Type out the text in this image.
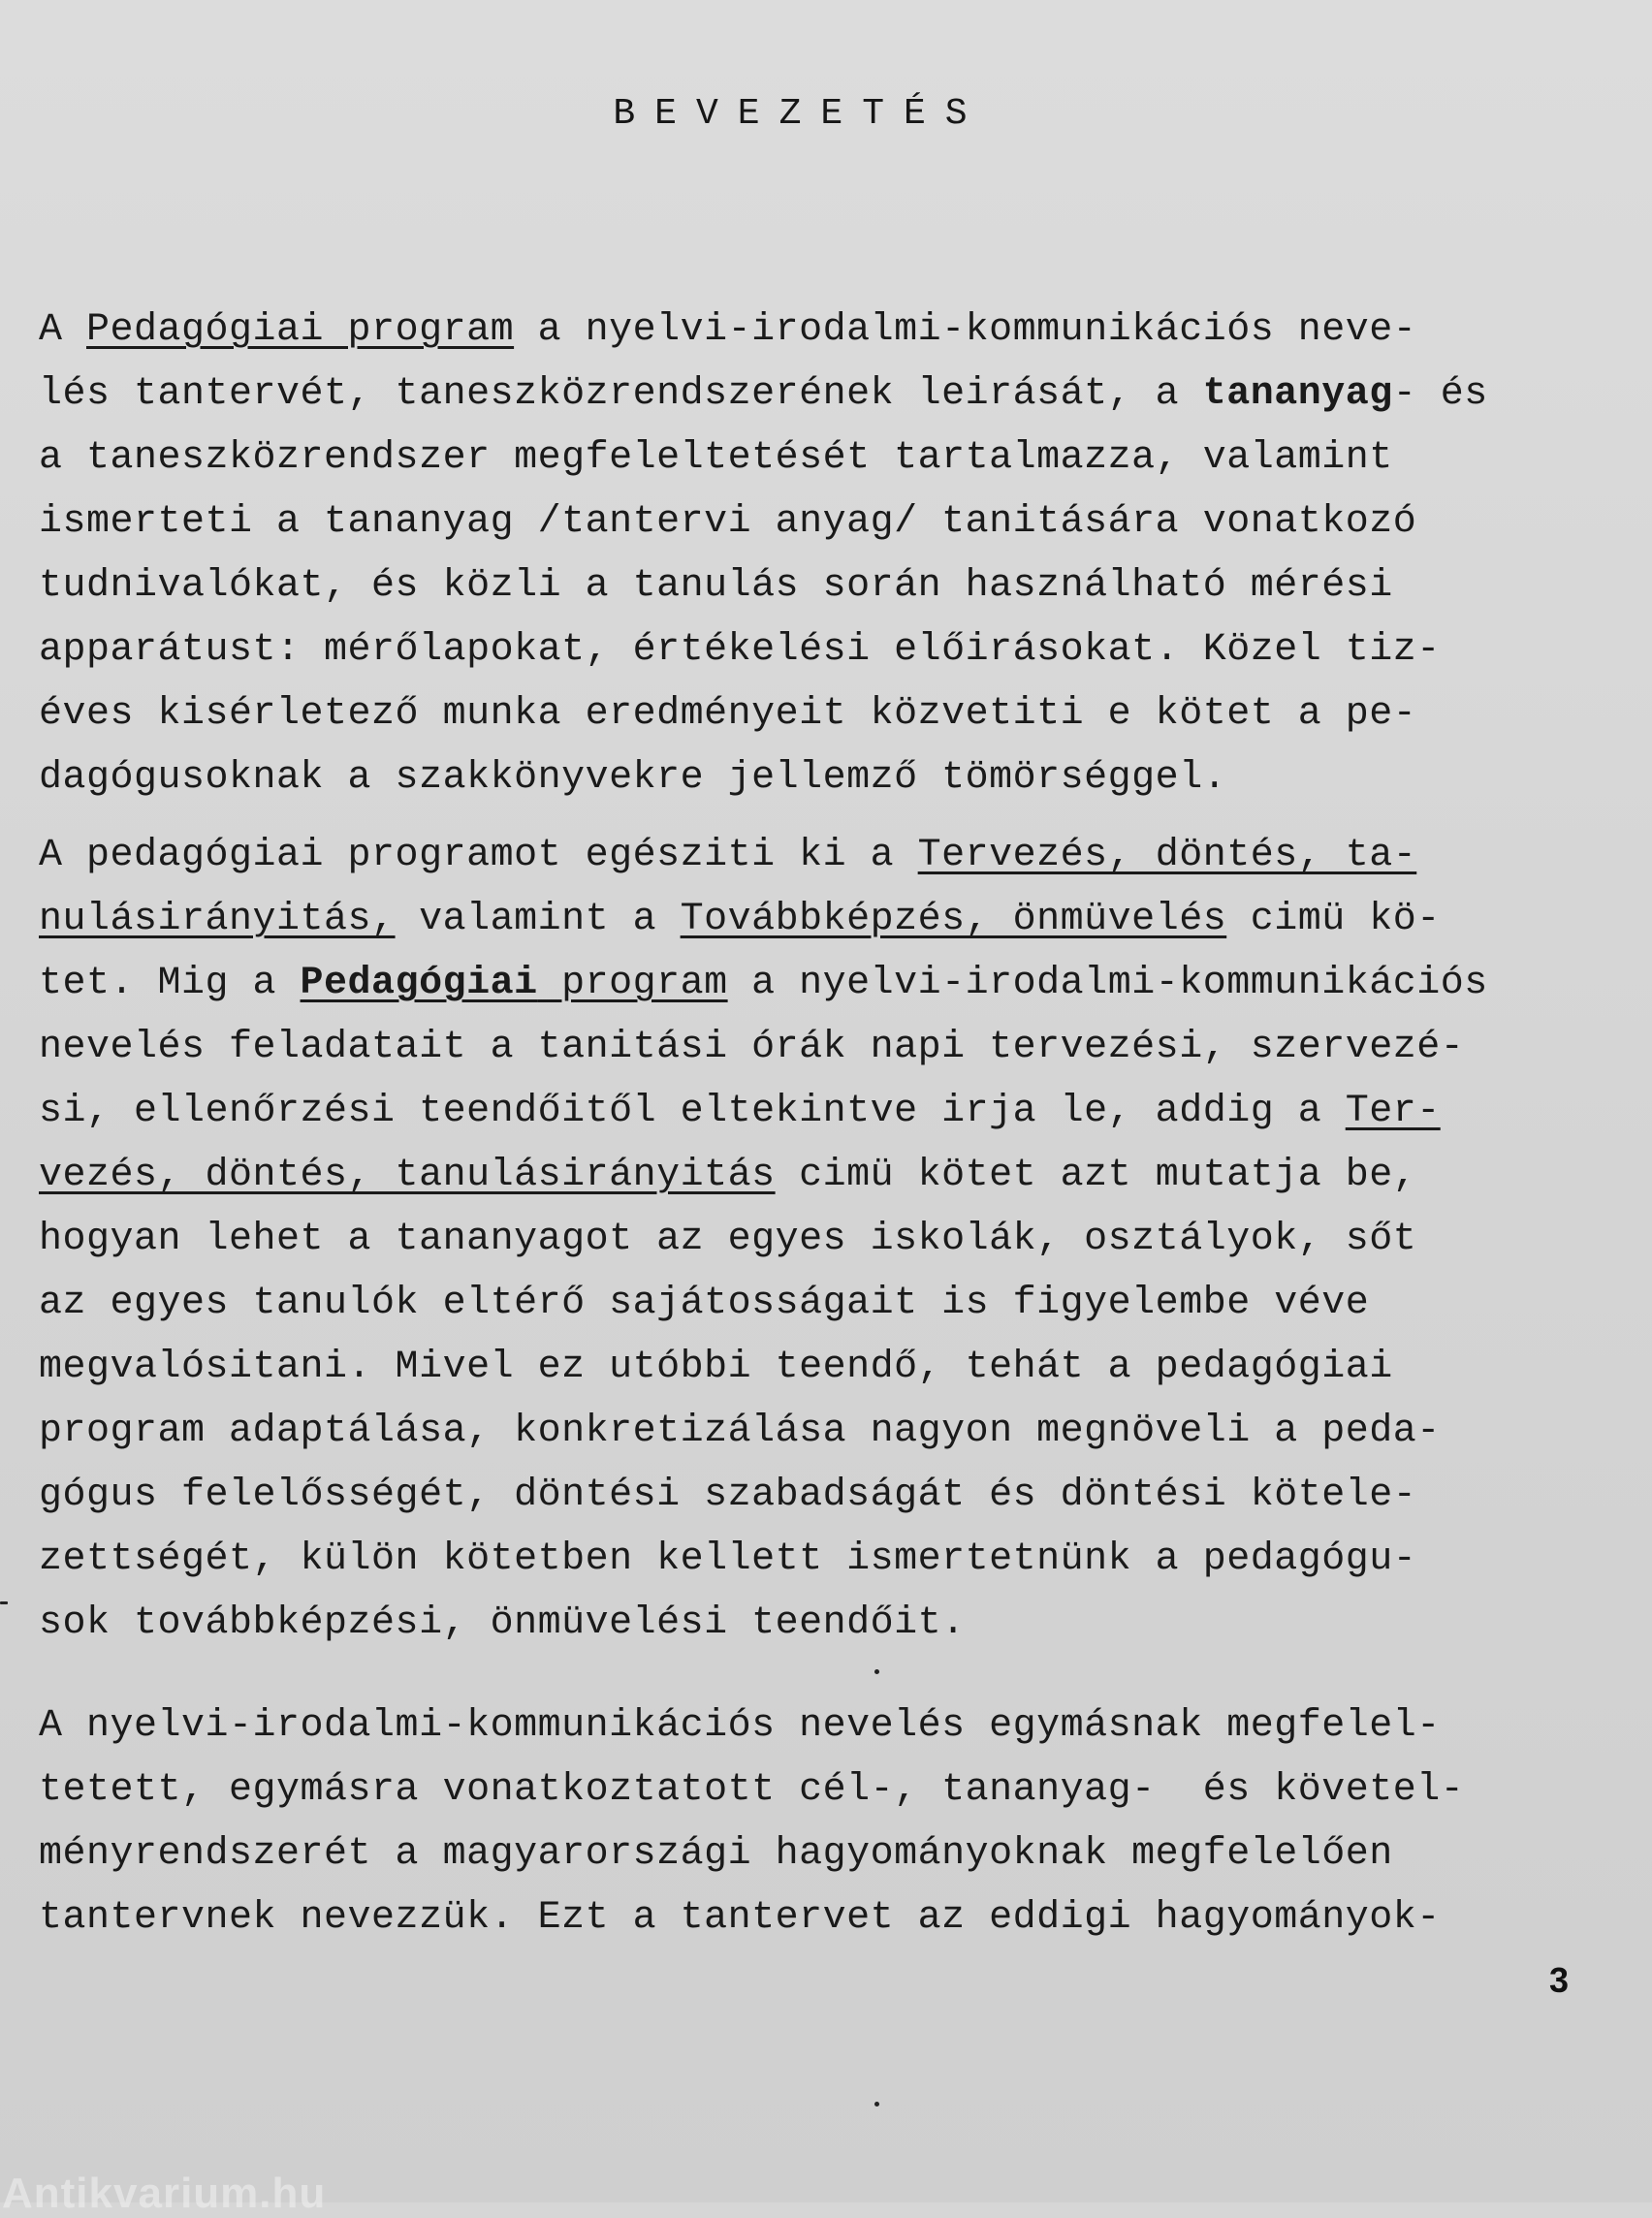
BEVEZETÉS
A Pedagógiai program a nyelvi-irodalmi-kommunikációs neve-
lés tantervét, taneszközrendszerének leirását, a tananyag- és
a taneszközrendszer megfeleltetését tartalmazza, valamint
ismerteti a tananyag /tantervi anyag/ tanitására vonatkozó
tudnivalókat, és közli a tanulás során használható mérési
apparátust: mérőlapokat, értékelési előirásokat. Közel tiz-
éves kisérletező munka eredményeit közvetiti e kötet a pe-
dagógusoknak a szakkönyvekre jellemző tömörséggel.
A pedagógiai programot egésziti ki a Tervezés, döntés, ta-
nulásirányitás, valamint a Továbbképzés, önmüvelés cimü kö-
tet. Mig a Pedagógiai program a nyelvi-irodalmi-kommunikációs
nevelés feladatait a tanitási órák napi tervezési, szervezé-
si, ellenőrzési teendőitől eltekintve irja le, addig a Ter-
vezés, döntés, tanulásirányitás cimü kötet azt mutatja be,
hogyan lehet a tananyagot az egyes iskolák, osztályok, sőt
az egyes tanulók eltérő sajátosságait is figyelembe véve
megvalósitani. Mivel ez utóbbi teendő, tehát a pedagógiai
program adaptálása, konkretizálása nagyon megnöveli a peda-
gógus felelősségét, döntési szabadságát és döntési kötele-
zettségét, külön kötetben kellett ismertetnünk a pedagógu-
sok továbbképzési, önmüvelési teendőit.
A nyelvi-irodalmi-kommunikációs nevelés egymásnak megfelel-
tetett, egymásra vonatkoztatott cél-, tananyag-  és követel-
ményrendszerét a magyarországi hagyományoknak megfelelően
tantervnek nevezzük. Ezt a tantervet az eddigi hagyományok-
3
Antikvarium.hu
